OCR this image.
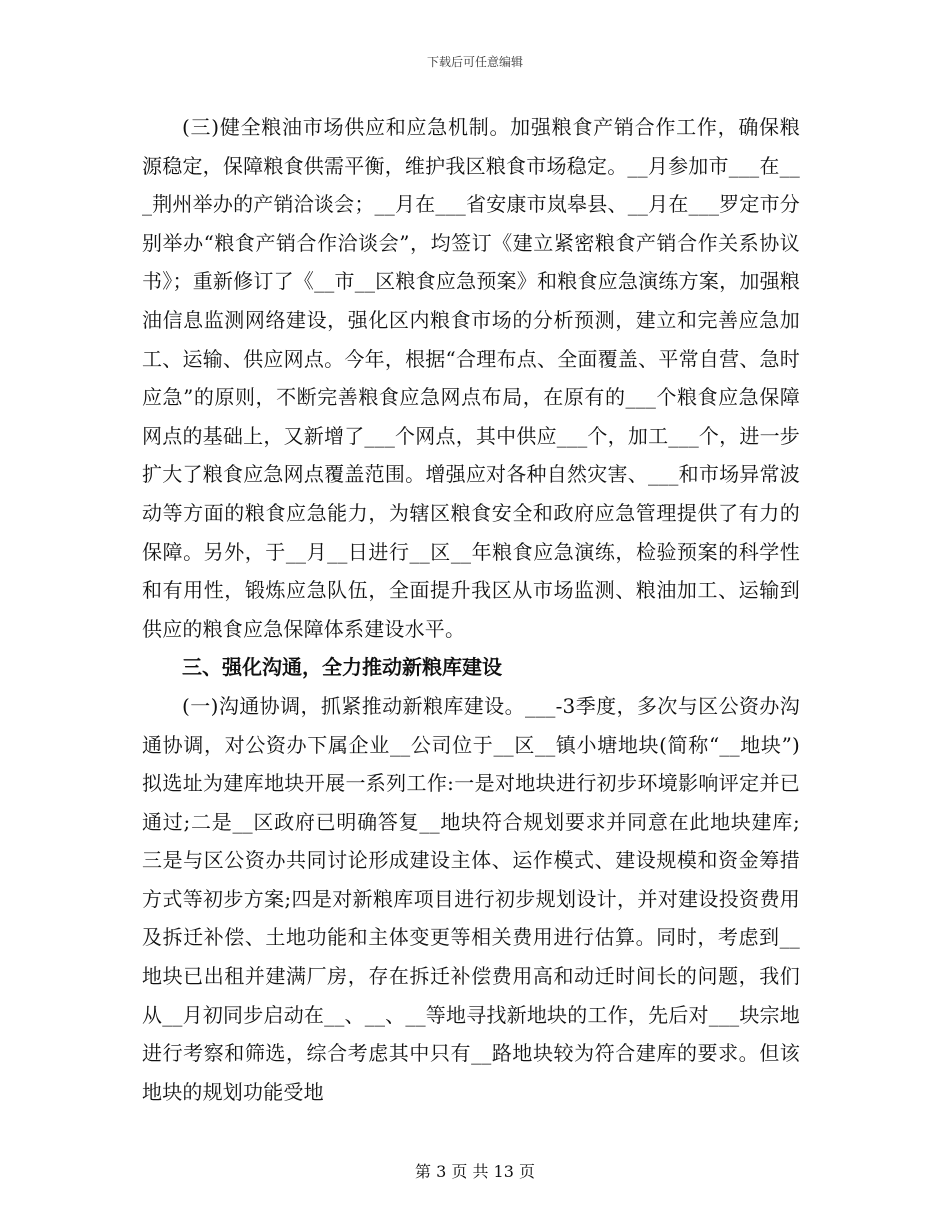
下载后可任意编辑

(三)健全粮油市场供应和应急机制。加强粮食产销合作工作，确保粮源稳定，保障粮食供需平衡，维护我区粮食市场稳定。__月参加市___在___荆州举办的产销洽谈会；__月在___省安康市岚皋县、__月在___罗定市分别举办“粮食产销合作洽谈会”，均签订《建立紧密粮食产销合作关系协议书》；重新修订了《__市__区粮食应急预案》和粮食应急演练方案，加强粮油信息监测网络建设，强化区内粮食市场的分析预测，建立和完善应急加工、运输、供应网点。今年，根据“合理布点、全面覆盖、平常自营、急时应急”的原则，不断完善粮食应急网点布局，在原有的___个粮食应急保障网点的基础上，又新增了___个网点，其中供应___个，加工___个，进一步扩大了粮食应急网点覆盖范围。增强应对各种自然灾害、___和市场异常波动等方面的粮食应急能力，为辖区粮食安全和政府应急管理提供了有力的保障。另外，于__月__日进行__区__年粮食应急演练，检验预案的科学性和有用性，锻炼应急队伍，全面提升我区从市场监测、粮油加工、运输到供应的粮食应急保障体系建设水平。

三、强化沟通，全力推动新粮库建设

(一)沟通协调，抓紧推动新粮库建设。___-3季度，多次与区公资办沟通协调，对公资办下属企业__公司位于__区__镇小塘地块(简称“__地块”)拟选址为建库地块开展一系列工作:一是对地块进行初步环境影响评定并已通过;二是__区政府已明确答复__地块符合规划要求并同意在此地块建库;三是与区公资办共同讨论形成建设主体、运作模式、建设规模和资金筹措方式等初步方案;四是对新粮库项目进行初步规划设计，并对建设投资费用及拆迁补偿、土地功能和主体变更等相关费用进行估算。同时，考虑到__地块已出租并建满厂房，存在拆迁补偿费用高和动迁时间长的问题，我们从__月初同步启动在__、__、__等地寻找新地块的工作，先后对___块宗地进行考察和筛选，综合考虑其中只有__路地块较为符合建库的要求。但该地块的规划功能受地

第 3 页 共 13 页
